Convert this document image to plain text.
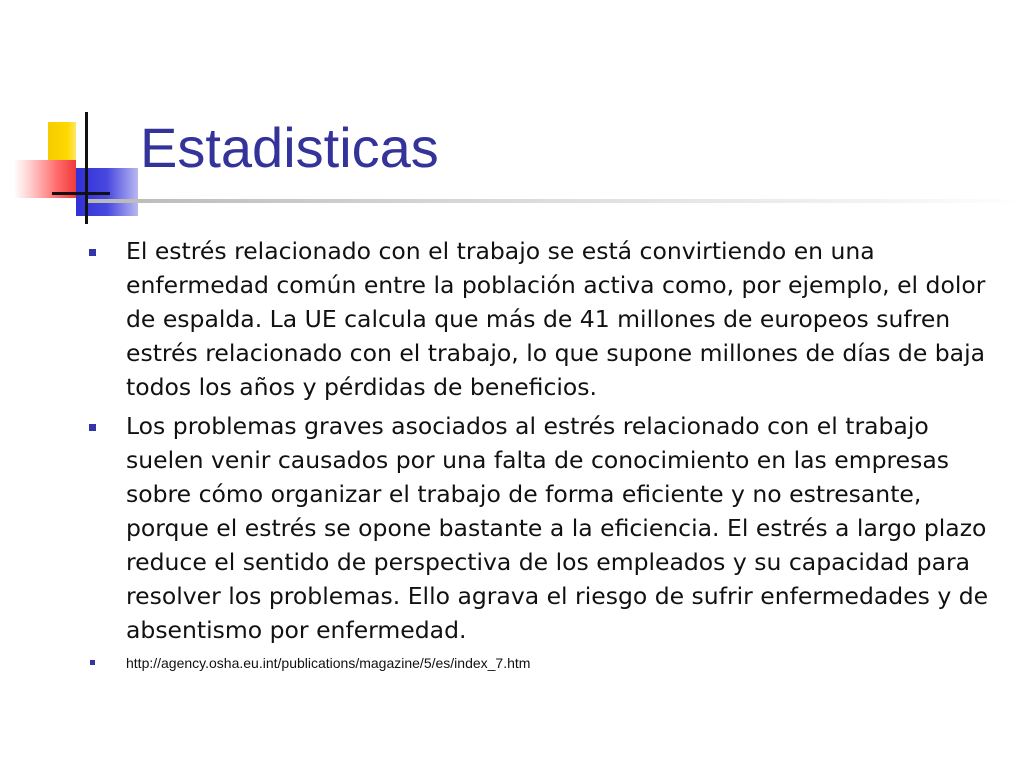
Estadisticas
El estrés relacionado con el trabajo se está convirtiendo en una enfermedad común entre la población activa como, por ejemplo, el dolor de espalda. La UE calcula que más de 41 millones de europeos sufren estrés relacionado con el trabajo, lo que supone millones de días de baja todos los años y pérdidas de beneficios.
Los problemas graves asociados al estrés relacionado con el trabajo suelen venir causados por una falta de conocimiento en las empresas sobre cómo organizar el trabajo de forma eficiente y no estresante, porque el estrés se opone bastante a la eficiencia. El estrés a largo plazo reduce el sentido de perspectiva de los empleados y su capacidad para resolver los problemas. Ello agrava el riesgo de sufrir enfermedades y de absentismo por enfermedad.
http://agency.osha.eu.int/publications/magazine/5/es/index_7.htm
